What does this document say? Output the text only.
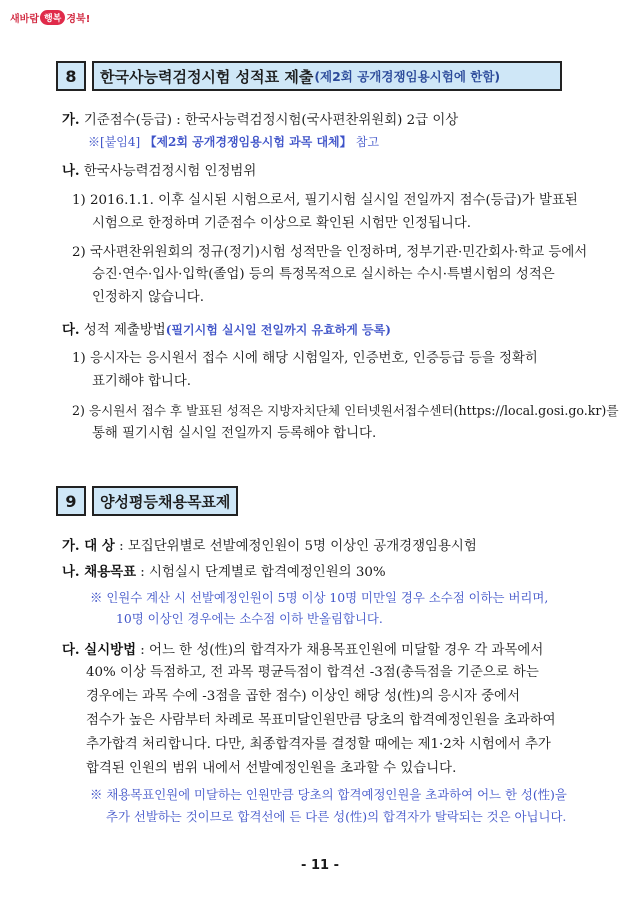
새바람 행복 경북!
8	한국사능력검정시험 성적표 제출 (제2회 공개경쟁임용시험에 한함)
가. 기준점수(등급) : 한국사능력검정시험(국사편찬위원회) 2급 이상
※[붙임4] 【제2회 공개경쟁임용시험 과목 대체】 참고
나. 한국사능력검정시험 인정범위
1) 2016.1.1. 이후 실시된 시험으로서, 필기시험 실시일 전일까지 점수(등급)가 발표된
시험으로 한정하며 기준점수 이상으로 확인된 시험만 인정됩니다.
2) 국사편찬위원회의 정규(정기)시험 성적만을 인정하며, 정부기관·민간회사·학교 등에서
승진·연수·입사·입학(졸업) 등의 특정목적으로 실시하는 수시·특별시험의 성적은
인정하지 않습니다.
다. 성적 제출방법(필기시험 실시일 전일까지 유효하게 등록)
1) 응시자는 응시원서 접수 시에 해당 시험일자, 인증번호, 인증등급 등을 정확히
표기해야 합니다.
2) 응시원서 접수 후 발표된 성적은 지방자치단체 인터넷원서접수센터(https://local.gosi.go.kr)를
통해 필기시험 실시일 전일까지 등록해야 합니다.
9	양성평등채용목표제
가. 대 상 : 모집단위별로 선발예정인원이 5명 이상인 공개경쟁임용시험
나. 채용목표 : 시험실시 단계별로 합격예정인원의 30%
※ 인원수 계산 시 선발예정인원이 5명 이상 10명 미만일 경우 소수점 이하는 버리며,
10명 이상인 경우에는 소수점 이하 반올림합니다.
다. 실시방법 : 어느 한 성(性)의 합격자가 채용목표인원에 미달할 경우 각 과목에서
40% 이상 득점하고, 전 과목 평균득점이 합격선 -3점(총득점을 기준으로 하는
경우에는 과목 수에 -3점을 곱한 점수) 이상인 해당 성(性)의 응시자 중에서
점수가 높은 사람부터 차례로 목표미달인원만큼 당초의 합격예정인원을 초과하여
추가합격 처리합니다. 다만, 최종합격자를 결정할 때에는 제1·2차 시험에서 추가
합격된 인원의 범위 내에서 선발예정인원을 초과할 수 있습니다.
※ 채용목표인원에 미달하는 인원만큼 당초의 합격예정인원을 초과하여 어느 한 성(性)을
추가 선발하는 것이므로 합격선에 든 다른 성(性)의 합격자가 탈락되는 것은 아닙니다.
- 11 -
